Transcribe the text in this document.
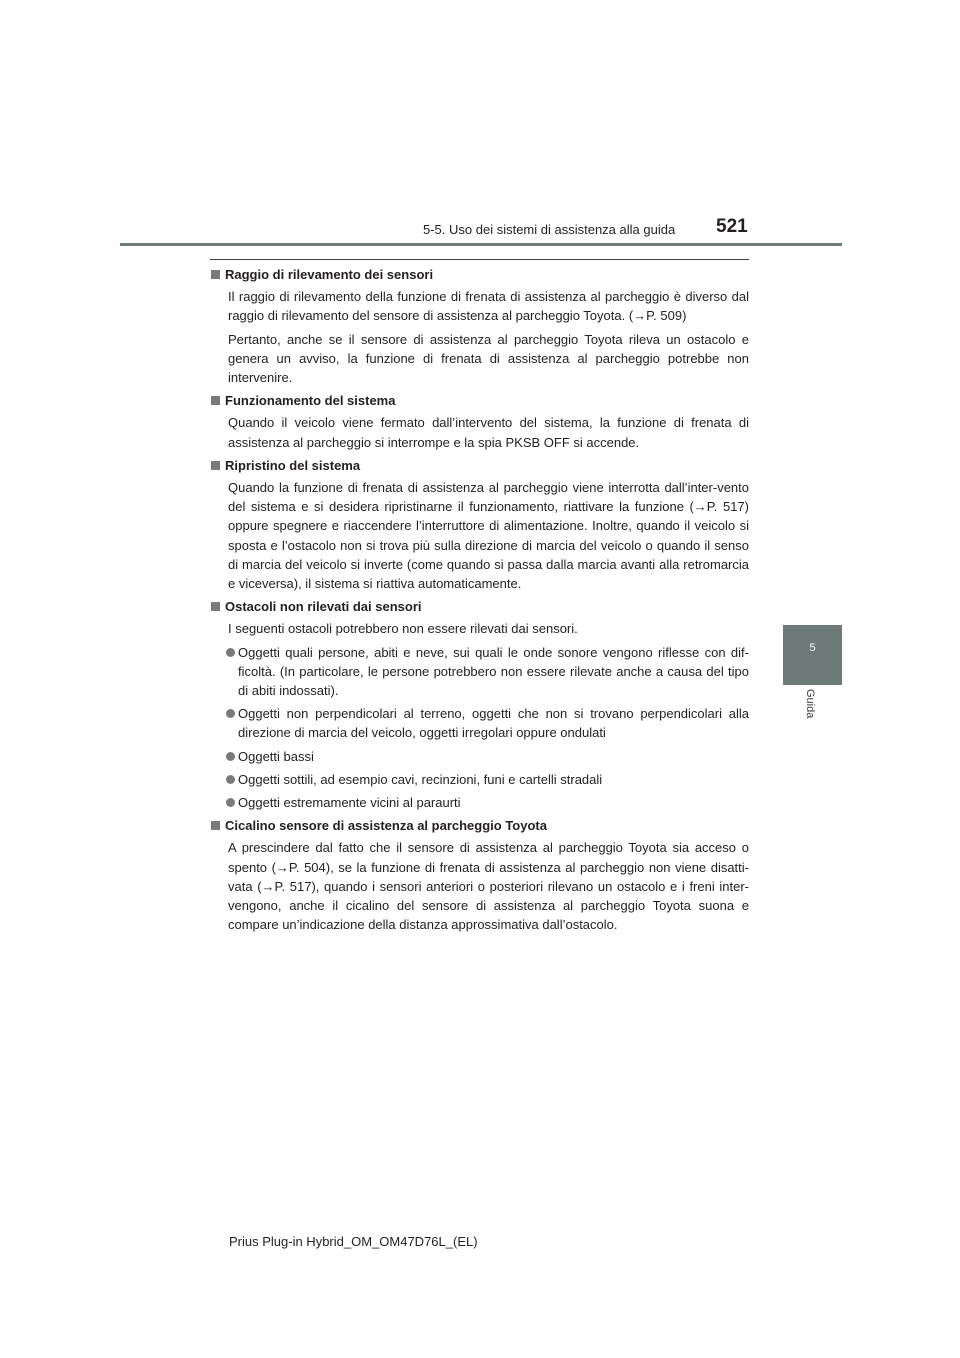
5-5. Uso dei sistemi di assistenza alla guida 521
5
Guida
Raggio di rilevamento dei sensori
Il raggio di rilevamento della funzione di frenata di assistenza al parcheggio è diverso dal raggio di rilevamento del sensore di assistenza al parcheggio Toyota. (→P. 509)
Pertanto, anche se il sensore di assistenza al parcheggio Toyota rileva un ostacolo e genera un avviso, la funzione di frenata di assistenza al parcheggio potrebbe non intervenire.
Funzionamento del sistema
Quando il veicolo viene fermato dall’intervento del sistema, la funzione di frenata di assistenza al parcheggio si interrompe e la spia PKSB OFF si accende.
Ripristino del sistema
Quando la funzione di frenata di assistenza al parcheggio viene interrotta dall’inter-vento del sistema e si desidera ripristinarne il funzionamento, riattivare la funzione (→P. 517) oppure spegnere e riaccendere l’interruttore di alimentazione. Inoltre, quando il veicolo si sposta e l’ostacolo non si trova più sulla direzione di marcia del veicolo o quando il senso di marcia del veicolo si inverte (come quando si passa dalla marcia avanti alla retromarcia e viceversa), il sistema si riattiva automaticamente.
Ostacoli non rilevati dai sensori
I seguenti ostacoli potrebbero non essere rilevati dai sensori.
Oggetti quali persone, abiti e neve, sui quali le onde sonore vengono riflesse con dif-ficoltà. (In particolare, le persone potrebbero non essere rilevate anche a causa del tipo di abiti indossati).
Oggetti non perpendicolari al terreno, oggetti che non si trovano perpendicolari alla direzione di marcia del veicolo, oggetti irregolari oppure ondulati
Oggetti bassi
Oggetti sottili, ad esempio cavi, recinzioni, funi e cartelli stradali
Oggetti estremamente vicini al paraurti
Cicalino sensore di assistenza al parcheggio Toyota
A prescindere dal fatto che il sensore di assistenza al parcheggio Toyota sia acceso o spento (→P. 504), se la funzione di frenata di assistenza al parcheggio non viene disatti-vata (→P. 517), quando i sensori anteriori o posteriori rilevano un ostacolo e i freni inter-vengono, anche il cicalino del sensore di assistenza al parcheggio Toyota suona e compare un’indicazione della distanza approssimativa dall’ostacolo.
Prius Plug-in Hybrid_OM_OM47D76L_(EL)
